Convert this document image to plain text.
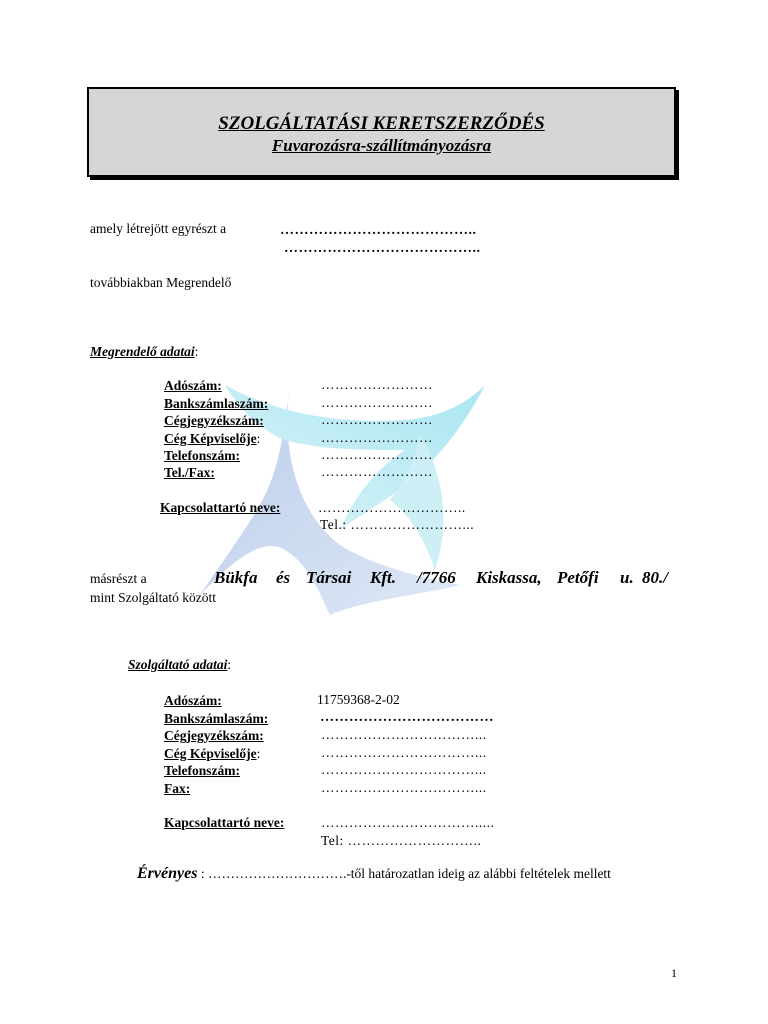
SZOLGÁLTATÁSI KERETSZERZŐDÉS
Fuvarozásra-szállítmányozásra
amely létrejött egyrészt a	…………………………………..
…………………………………..
továbbiakban Megrendelő
Megrendelő adatai:
Adószám:	……………………
Bankszámlaszám:	……………………
Cégjegyzékszám:	……………………
Cég Képviselője:	……………………
Telefonszám:	……………………
Tel./Fax:	……………………
Kapcsolattartó neve:	…………………………..
Tel.: ……………………...
másrészt a	Bükfa és Társai Kft. /7766 Kiskassa, Petőfi u. 80./
mint Szolgáltató között
Szolgáltató adatai:
Adószám:	11759368-2-02
Bankszámlaszám:	………………………………
Cégjegyzékszám:	……………………………...
Cég Képviselője:	……………………………...
Telefonszám:	……………………………...
Fax:	……………………………...
Kapcsolattartó neve:	…………………………….....
Tel: ………………………..
Érvényes : ………………………….-től határozatlan ideig az alábbi feltételek mellett
1
